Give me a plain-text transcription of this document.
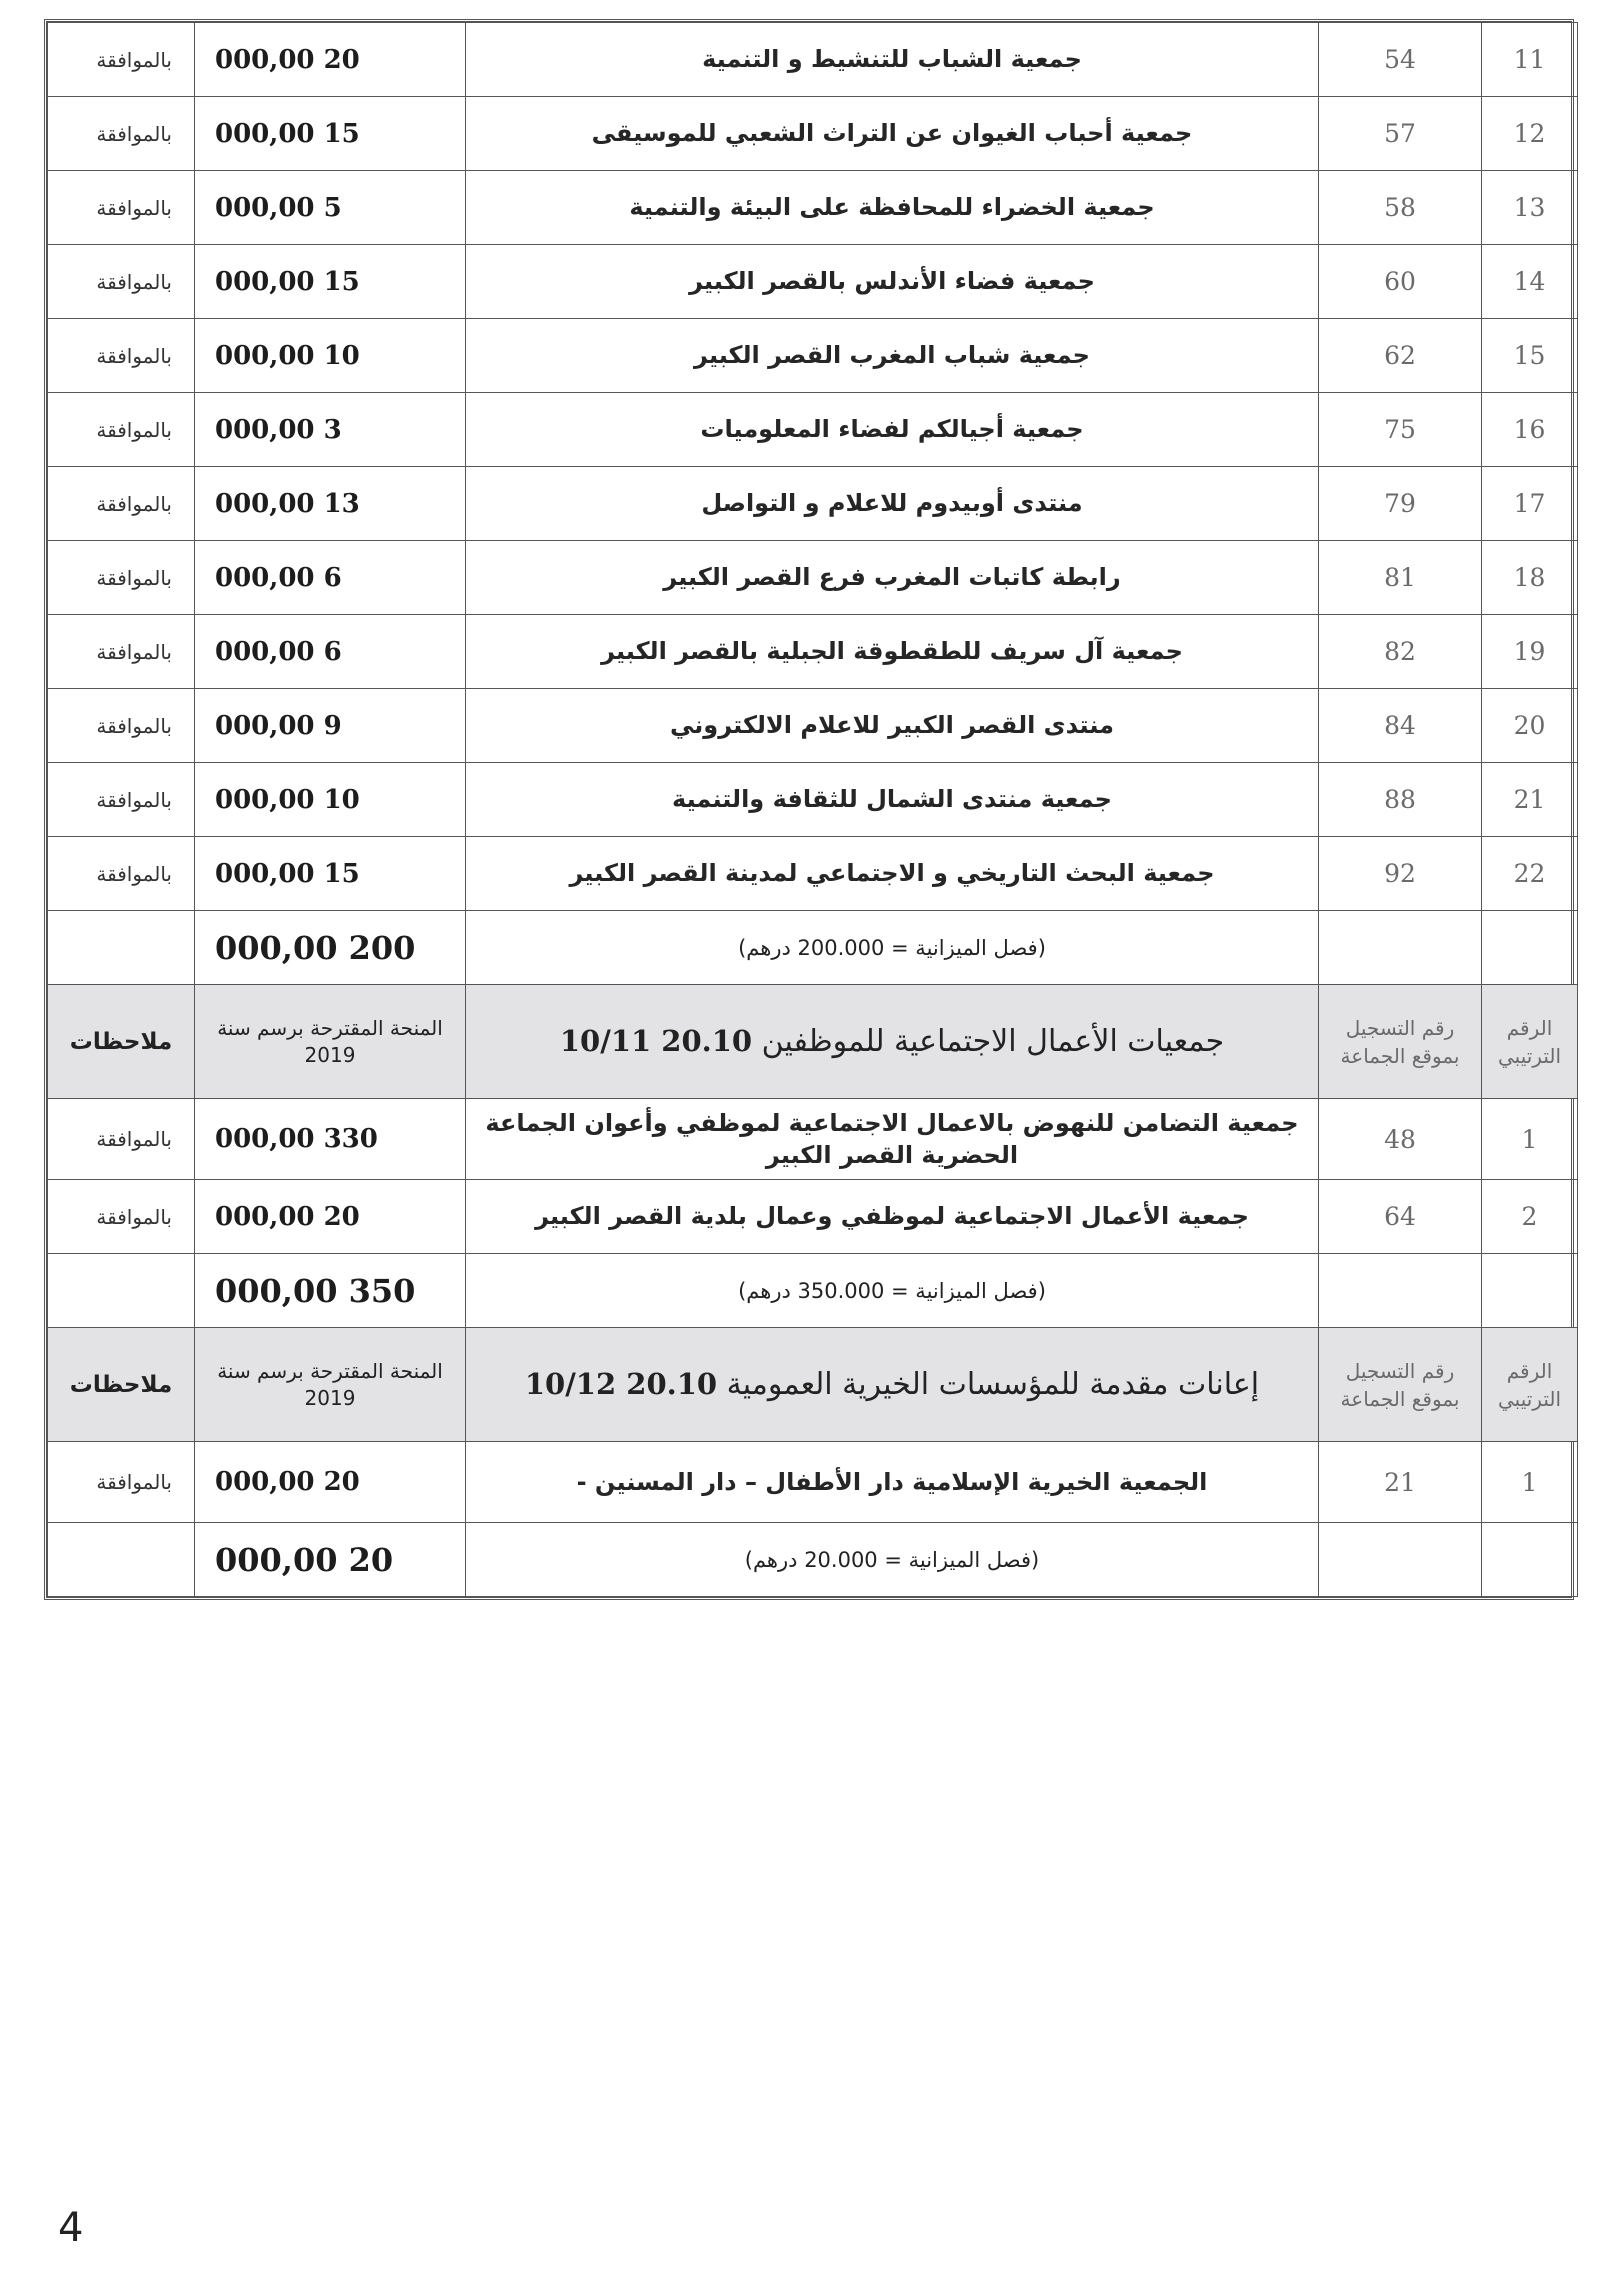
11	54	جمعية الشباب للتنشيط و التنمية	20 000,00	بالموافقة
12	57	جمعية أحباب الغيوان عن التراث الشعبي للموسيقى	15 000,00	بالموافقة
13	58	جمعية الخضراء للمحافظة على البيئة والتنمية	5 000,00	بالموافقة
14	60	جمعية فضاء الأندلس بالقصر الكبير	15 000,00	بالموافقة
15	62	جمعية شباب المغرب القصر الكبير	10 000,00	بالموافقة
16	75	جمعية أجيالكم لفضاء المعلوميات	3 000,00	بالموافقة
17	79	منتدى أوبيدوم للاعلام و التواصل	13 000,00	بالموافقة
18	81	رابطة كاتبات المغرب فرع القصر الكبير	6 000,00	بالموافقة
19	82	جمعية آل سريف للطقطوقة الجبلية بالقصر الكبير	6 000,00	بالموافقة
20	84	منتدى القصر الكبير للاعلام الالكتروني	9 000,00	بالموافقة
21	88	جمعية منتدى الشمال للثقافة والتنمية	10 000,00	بالموافقة
22	92	جمعية البحث التاريخي و الاجتماعي لمدينة القصر الكبير	15 000,00	بالموافقة
		(فصل الميزانية = 200.000 درهم)	200 000,00	
الرقم الترتيبي	رقم التسجيل بموقع الجماعة	جمعيات الأعمال الاجتماعية للموظفين 20.10 10/11	المنحة المقترحة برسم سنة 2019	ملاحظات
1	48	جمعية التضامن للنهوض بالاعمال الاجتماعية لموظفي وأعوان الجماعة الحضرية القصر الكبير	330 000,00	بالموافقة
2	64	جمعية الأعمال الاجتماعية لموظفي وعمال بلدية القصر الكبير	20 000,00	بالموافقة
		(فصل الميزانية = 350.000 درهم)	350 000,00	
الرقم الترتيبي	رقم التسجيل بموقع الجماعة	إعانات مقدمة للمؤسسات الخيرية العمومية 20.10 10/12	المنحة المقترحة برسم سنة 2019	ملاحظات
1	21	الجمعية الخيرية الإسلامية دار الأطفال – دار المسنين -	20 000,00	بالموافقة
		(فصل الميزانية = 20.000 درهم)	20 000,00	
4
